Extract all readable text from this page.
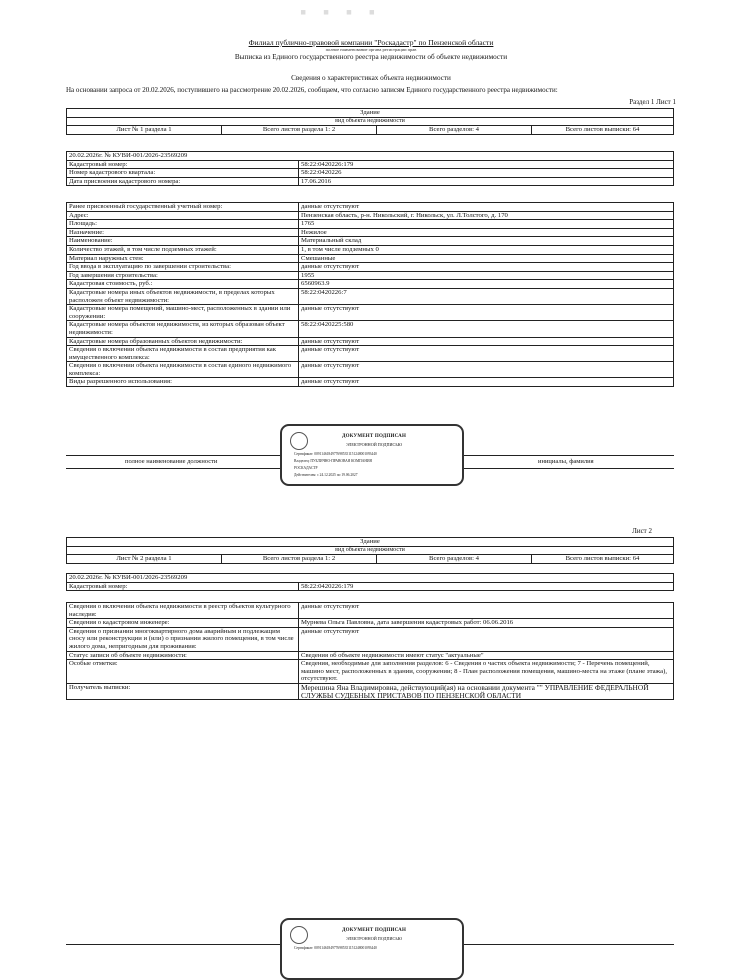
▪ ▪ ▪ ▪
Филиал публично-правовой компании "Роскадастр" по Пензенской области
полное наименование органа регистрации прав
Выписка из Единого государственного реестра недвижимости об объекте недвижимости
Сведения о характеристиках объекта недвижимости
На основании запроса от 20.02.2026, поступившего на рассмотрение 20.02.2026, сообщаем, что согласно записям Единого государственного реестра недвижимости:
Раздел 1 Лист 1
Здание
вид объекта недвижимости
Лист № 1 раздела 1	Всего листов раздела 1: 2	Всего разделов: 4	Всего листов выписки: 64
20.02.2026г. № КУВИ-001/2026-23569209	
Кадастровый номер:	58:22:0420226:179
Номер кадастрового квартала:	58:22:0420226
Дата присвоения кадастрового номера:	17.06.2016
Ранее присвоенный государственный учетный номер:	данные отсутствуют
Адрес:	Пензенская область, р-н. Никольский, г. Никольск, ул. Л.Толстого, д. 170
Площадь:	1765
Назначение:	Нежилое
Наименование:	Материальный склад
Количество этажей, в том числе подземных этажей:	1, в том числе подземных 0
Материал наружных стен:	Смешанные
Год ввода в эксплуатацию по завершении строительства:	данные отсутствуют
Год завершения строительства:	1955
Кадастровая стоимость, руб.:	6560963.9
Кадастровые номера иных объектов недвижимости, в пределах которых расположен объект недвижимости:	58:22:0420226:7
Кадастровые номера помещений, машино-мест, расположенных в здании или сооружении:	данные отсутствуют
Кадастровые номера объектов недвижимости, из которых образован объект недвижимости:	58:22:0420225:580
Кадастровые номера образованных объектов недвижимости:	данные отсутствуют
Сведения о включении объекта недвижимости в состав предприятия как имущественного комплекса:	данные отсутствуют
Сведения о включении объекта недвижимости в состав единого недвижимого комплекса:	данные отсутствуют
Виды разрешенного использования:	данные отсутствуют
полное наименование должности	инициалы, фамилия
ДОКУМЕНТ ПОДПИСАН
ЭЛЕКТРОННОЙ ПОДПИСЬЮ
Сертификат: 00911461849776985351151248001093440
Владелец: ПУБЛИЧНО-ПРАВОВАЯ КОМПАНИЯ
РОСКАДАСТР
Действителен: с 24.12.2025 по 19.06.2027
Лист 2
Здание
вид объекта недвижимости
Лист № 2 раздела 1	Всего листов раздела 1: 2	Всего разделов: 4	Всего листов выписки: 64
20.02.2026г. № КУВИ-001/2026-23569209
Кадастровый номер:	58:22:0420226:179
Сведения о включении объекта недвижимости в реестр объектов культурного наследия:	данные отсутствуют
Сведения о кадастровом инженере:	Мурнева Ольга Павловна, дата завершения кадастровых работ: 06.06.2016
Сведения о признании многоквартирного дома аварийным и подлежащим сносу или реконструкции и (или) о признании жилого помещения, в том числе жилого дома, непригодным для проживания:	данные отсутствуют
Статус записи об объекте недвижимости:	Сведения об объекте недвижимости имеют статус "актуальные"
Особые отметки:	Сведения, необходимые для заполнения разделов: 6 - Сведения о частях объекта недвижимости; 7 - Перечень помещений, машино мест, расположенных в здании, сооружении; 8 - План расположения помещения, машино-места на этаже (плане этажа), отсутствуют.
Получатель выписки:	Мерешина Яна Владимировна, действующий(ая) на основании документа "" УПРАВЛЕНИЕ ФЕДЕРАЛЬНОЙ СЛУЖБЫ СУДЕБНЫХ ПРИСТАВОВ ПО ПЕНЗЕНСКОЙ ОБЛАСТИ
ДОКУМЕНТ ПОДПИСАН
ЭЛЕКТРОННОЙ ПОДПИСЬЮ
Сертификат: 00911461849776985351151248001093440
